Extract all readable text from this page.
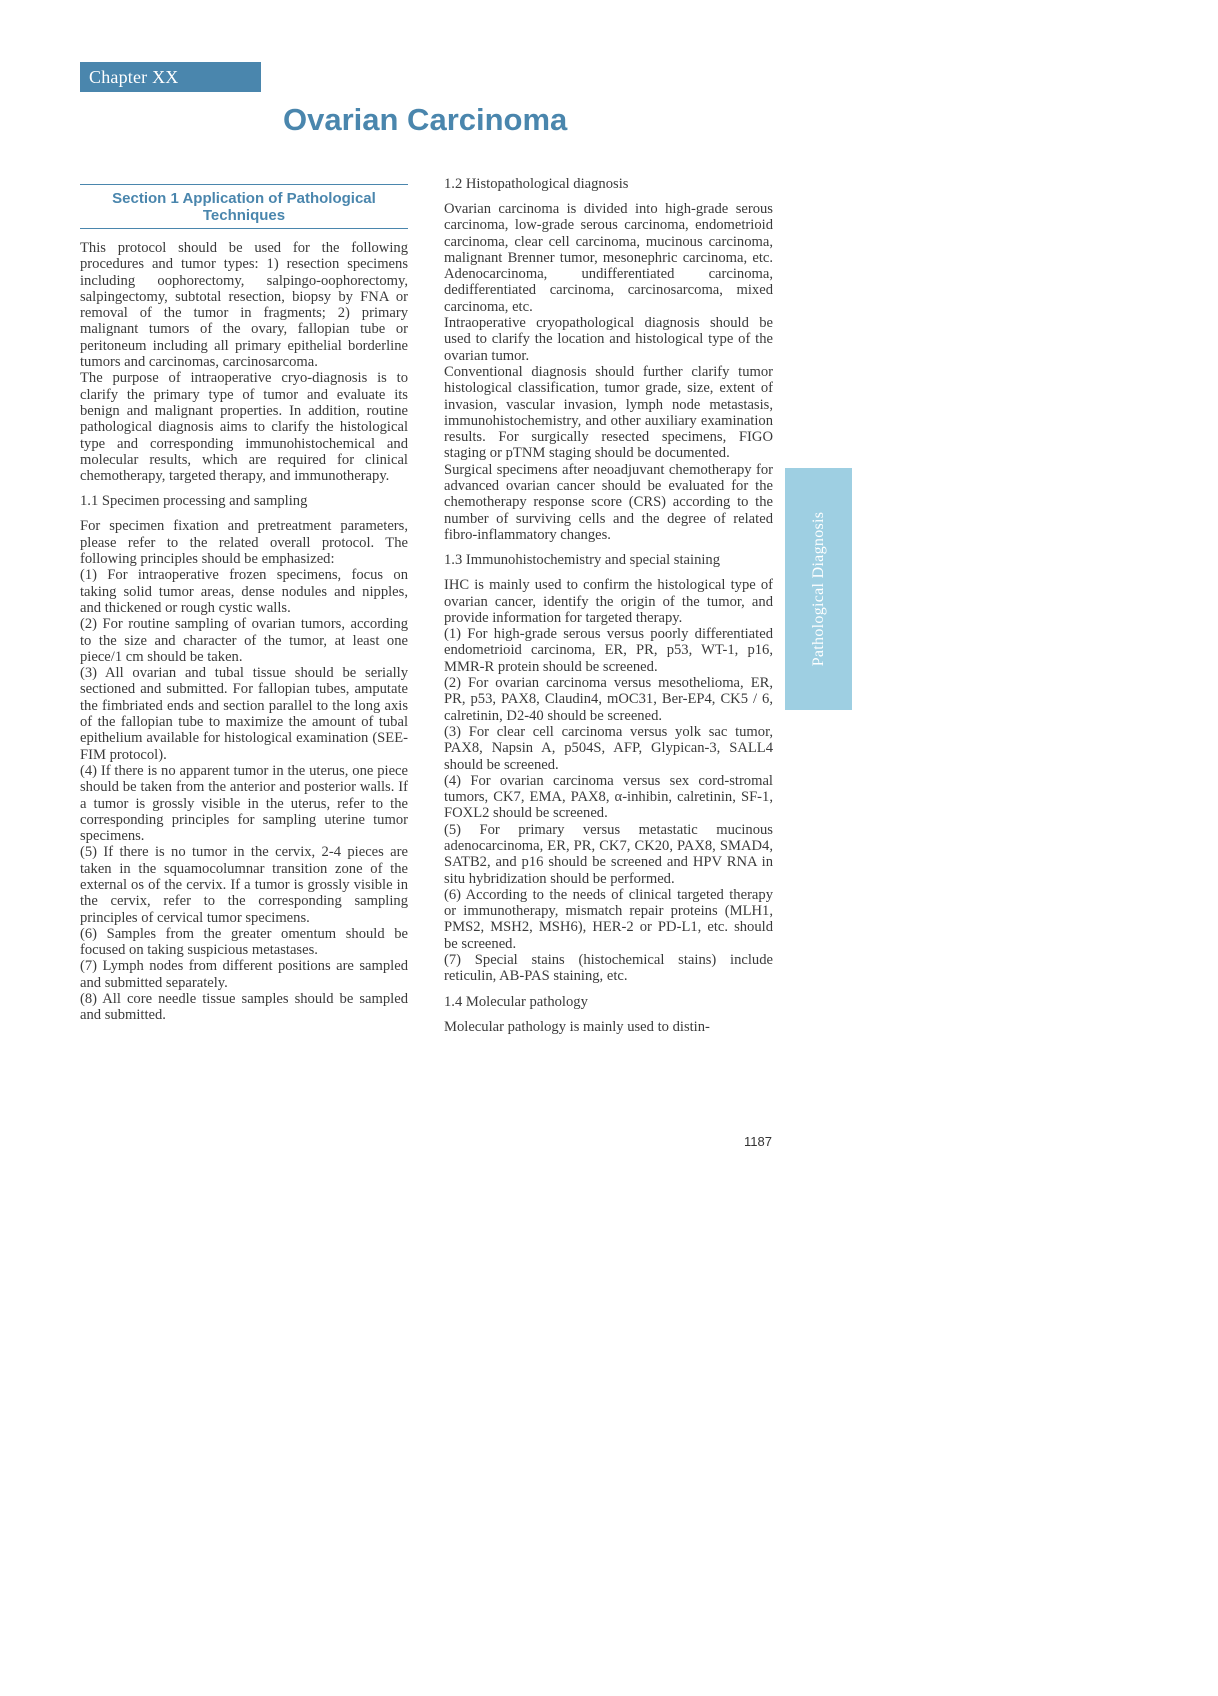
Chapter XX
Ovarian Carcinoma
Section 1 Application of Pathological
Techniques

This protocol should be used for the following procedures and tumor types: 1) resection specimens including oophorectomy, salpingo-oophorectomy, salpingectomy, subtotal resection, biopsy by FNA or removal of the tumor in fragments; 2) primary malignant tumors of the ovary, fallopian tube or peritoneum including all primary epithelial borderline tumors and carcinomas, carcinosarcoma.

The purpose of intraoperative cryo-diagnosis is to clarify the primary type of tumor and evaluate its benign and malignant properties. In addition, routine pathological diagnosis aims to clarify the histological type and corresponding immunohistochemical and molecular results, which are required for clinical chemotherapy, targeted therapy, and immunotherapy.

1.1 Specimen processing and sampling

For specimen fixation and pretreatment parameters, please refer to the related overall protocol. The following principles should be emphasized:

(1) For intraoperative frozen specimens, focus on taking solid tumor areas, dense nodules and nipples, and thickened or rough cystic walls.

(2) For routine sampling of ovarian tumors, according to the size and character of the tumor, at least one piece/1 cm should be taken.

(3) All ovarian and tubal tissue should be serially sectioned and submitted. For fallopian tubes, amputate the fimbriated ends and section parallel to the long axis of the fallopian tube to maximize the amount of tubal epithelium available for histological examination (SEE-FIM protocol).

(4) If there is no apparent tumor in the uterus, one piece should be taken from the anterior and posterior walls. If a tumor is grossly visible in the uterus, refer to the corresponding principles for sampling uterine tumor specimens.

(5) If there is no tumor in the cervix, 2-4 pieces are taken in the squamocolumnar transition zone of the external os of the cervix. If a tumor is grossly visible in the cervix, refer to the corresponding sampling principles of cervical tumor specimens.

(6) Samples from the greater omentum should be focused on taking suspicious metastases.

(7) Lymph nodes from different positions are sampled and submitted separately.

(8) All core needle tissue samples should be sampled and submitted.

1.2 Histopathological diagnosis

Ovarian carcinoma is divided into high-grade serous carcinoma, low-grade serous carcinoma, endometrioid carcinoma, clear cell carcinoma, mucinous carcinoma, malignant Brenner tumor, mesonephric carcinoma, etc. Adenocarcinoma, undifferentiated carcinoma, dedifferentiated carcinoma, carcinosarcoma, mixed carcinoma, etc.

Intraoperative cryopathological diagnosis should be used to clarify the location and histological type of the ovarian tumor.

Conventional diagnosis should further clarify tumor histological classification, tumor grade, size, extent of invasion, vascular invasion, lymph node metastasis, immunohistochemistry, and other auxiliary examination results. For surgically resected specimens, FIGO staging or pTNM staging should be documented.

Surgical specimens after neoadjuvant chemotherapy for advanced ovarian cancer should be evaluated for the chemotherapy response score (CRS) according to the number of surviving cells and the degree of related fibro-inflammatory changes.

1.3 Immunohistochemistry and special staining

IHC is mainly used to confirm the histological type of ovarian cancer, identify the origin of the tumor, and provide information for targeted therapy.

(1) For high-grade serous versus poorly differentiated endometrioid carcinoma, ER, PR, p53, WT-1, p16, MMR-R protein should be screened.

(2) For ovarian carcinoma versus mesothelioma, ER, PR, p53, PAX8, Claudin4, mOC31, Ber-EP4, CK5 / 6, calretinin, D2-40 should be screened.

(3) For clear cell carcinoma versus yolk sac tumor, PAX8, Napsin A, p504S, AFP, Glypican-3, SALL4 should be screened.

(4) For ovarian carcinoma versus sex cord-stromal tumors, CK7, EMA, PAX8, α-inhibin, calretinin, SF-1, FOXL2 should be screened.

(5) For primary versus metastatic mucinous adenocarcinoma, ER, PR, CK7, CK20, PAX8, SMAD4, SATB2, and p16 should be screened and HPV RNA in situ hybridization should be performed.

(6) According to the needs of clinical targeted therapy or immunotherapy, mismatch repair proteins (MLH1, PMS2, MSH2, MSH6), HER-2 or PD-L1, etc. should be screened.

(7) Special stains (histochemical stains) include reticulin, AB-PAS staining, etc.

1.4 Molecular pathology

Molecular pathology is mainly used to distin-

Pathological Diagnosis
1187
